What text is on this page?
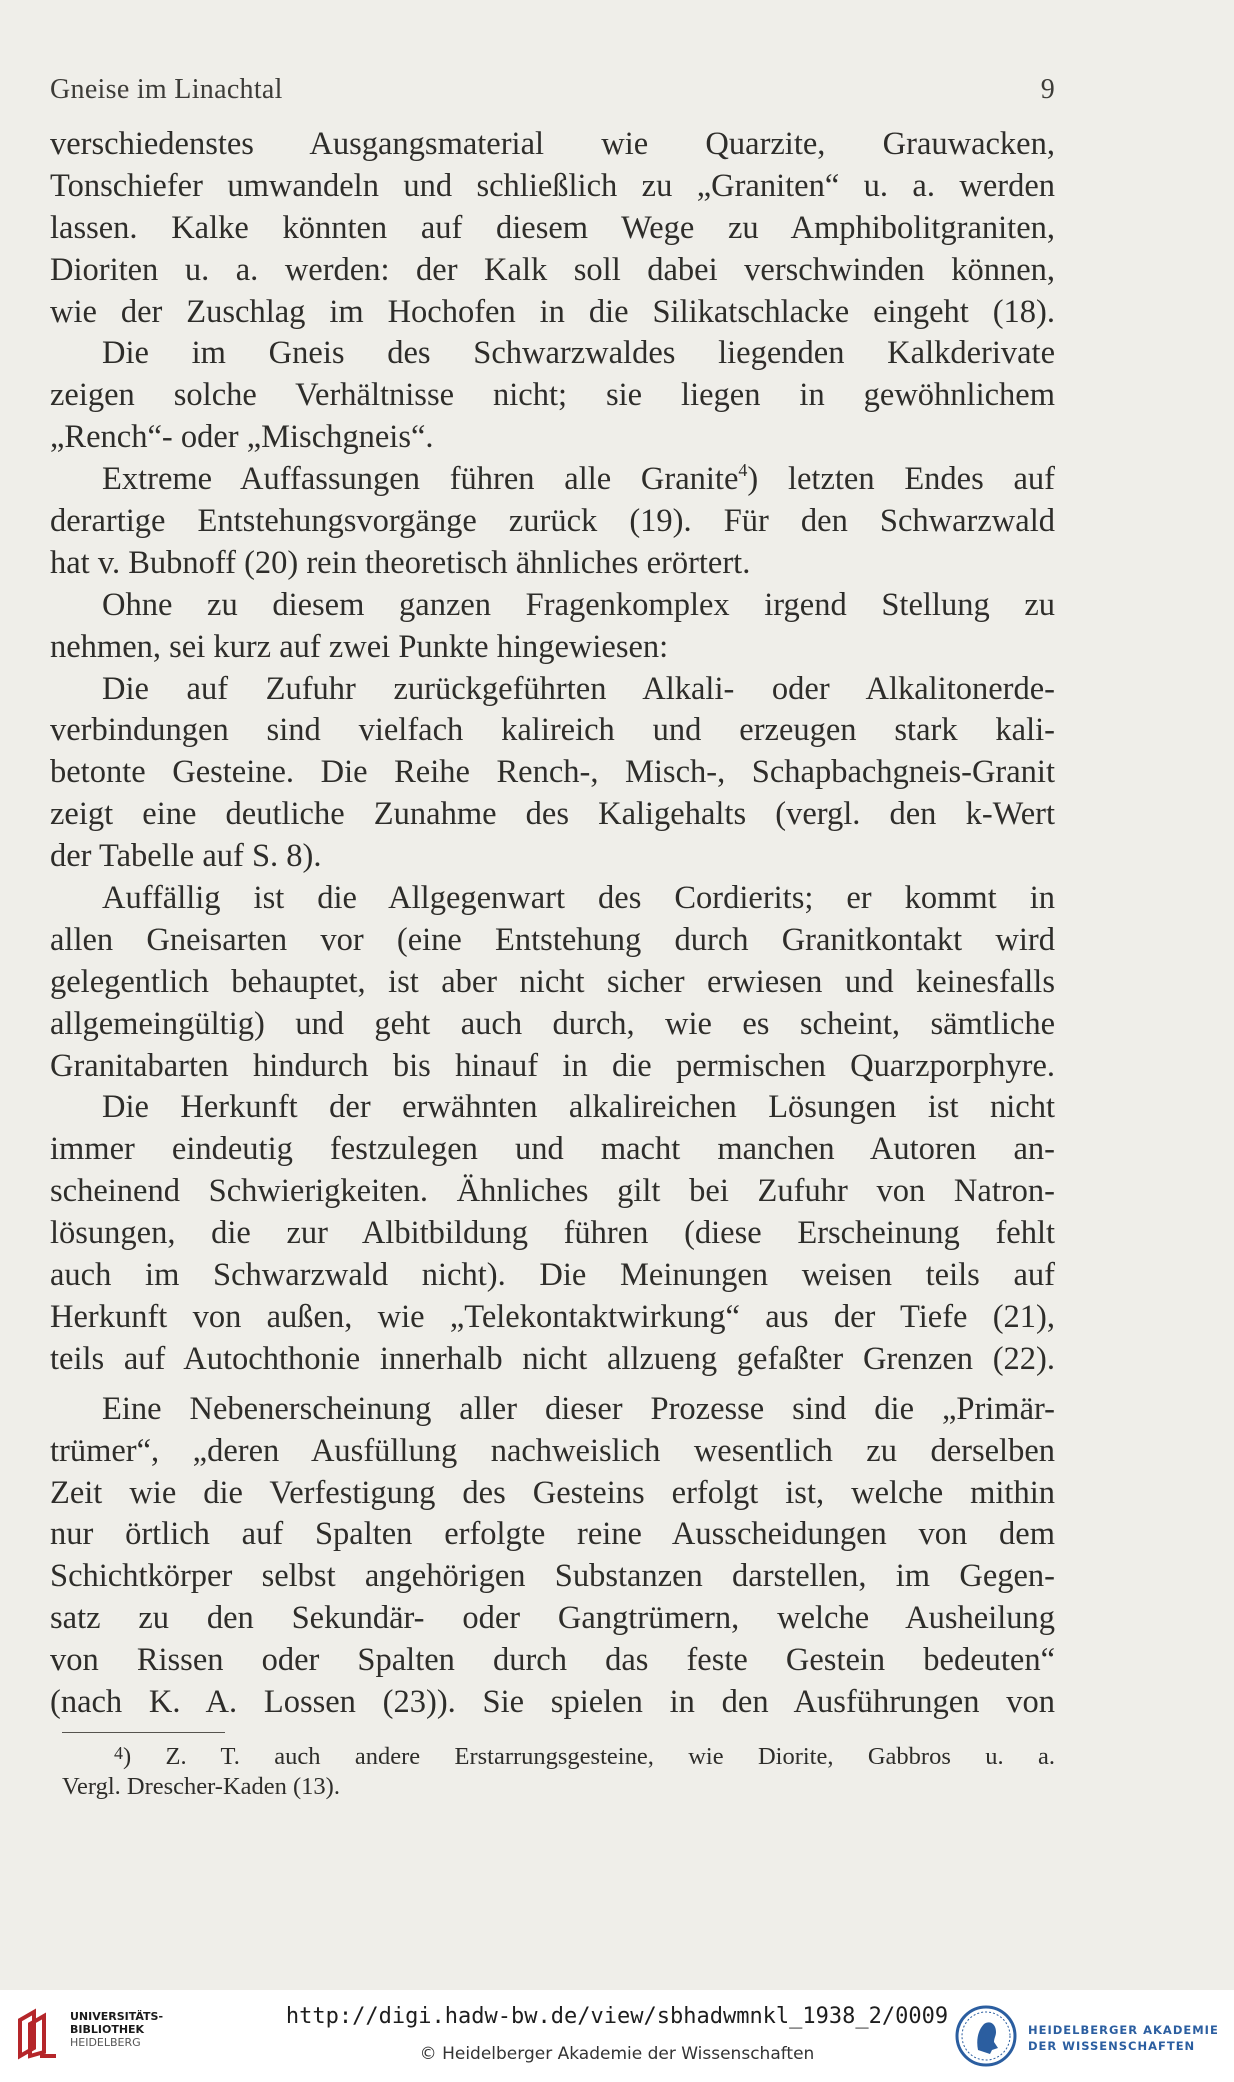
Gneise im Linachtal	9
verschiedenstes Ausgangsmaterial wie Quarzite, Grauwacken,
Tonschiefer umwandeln und schließlich zu „Graniten“ u. a. werden
lassen. Kalke könnten auf diesem Wege zu Amphibolitgraniten,
Dioriten u. a. werden: der Kalk soll dabei verschwinden können,
wie der Zuschlag im Hochofen in die Silikatschlacke eingeht (18).
Die im Gneis des Schwarzwaldes liegenden Kalkderivate
zeigen solche Verhältnisse nicht; sie liegen in gewöhnlichem
„Rench“- oder „Mischgneis“.
Extreme Auffassungen führen alle Granite$^4$) letzten Endes auf
derartige Entstehungsvorgänge zurück (19). Für den Schwarzwald
hat v. Bubnoff (20) rein theoretisch ähnliches erörtert.
Ohne zu diesem ganzen Fragenkomplex irgend Stellung zu
nehmen, sei kurz auf zwei Punkte hingewiesen:
Die auf Zufuhr zurückgeführten Alkali- oder Alkalitonerde-
verbindungen sind vielfach kalireich und erzeugen stark kali-
betonte Gesteine. Die Reihe Rench-, Misch-, Schapbachgneis-Granit
zeigt eine deutliche Zunahme des Kaligehalts (vergl. den k-Wert
der Tabelle auf S. 8).
Auffällig ist die Allgegenwart des Cordierits; er kommt in
allen Gneisarten vor (eine Entstehung durch Granitkontakt wird
gelegentlich behauptet, ist aber nicht sicher erwiesen und keinesfalls
allgemeingültig) und geht auch durch, wie es scheint, sämtliche
Granitabarten hindurch bis hinauf in die permischen Quarzporphyre.
Die Herkunft der erwähnten alkalireichen Lösungen ist nicht
immer eindeutig festzulegen und macht manchen Autoren an-
scheinend Schwierigkeiten. Ähnliches gilt bei Zufuhr von Natron-
lösungen, die zur Albitbildung führen (diese Erscheinung fehlt
auch im Schwarzwald nicht). Die Meinungen weisen teils auf
Herkunft von außen, wie „Telekontaktwirkung“ aus der Tiefe (21),
teils auf Autochthonie innerhalb nicht allzueng gefaßter Grenzen (22).
Eine Nebenerscheinung aller dieser Prozesse sind die „Primär-
trümer“, „deren Ausfüllung nachweislich wesentlich zu derselben
Zeit wie die Verfestigung des Gesteins erfolgt ist, welche mithin
nur örtlich auf Spalten erfolgte reine Ausscheidungen von dem
Schichtkörper selbst angehörigen Substanzen darstellen, im Gegen-
satz zu den Sekundär- oder Gangtrümern, welche Ausheilung
von Rissen oder Spalten durch das feste Gestein bedeuten“
(nach K. A. Lossen (23)). Sie spielen in den Ausführungen von
$^4$) Z. T. auch andere Erstarrungsgesteine, wie Diorite, Gabbros u. a.
Vergl. Drescher-Kaden (13).
UNIVERSITÄTS-
BIBLIOTHEK
HEIDELBERG
http://digi.hadw-bw.de/view/sbhadwmnkl_1938_2/0009
© Heidelberger Akademie der Wissenschaften
HEIDELBERGER AKADEMIE
DER WISSENSCHAFTEN
